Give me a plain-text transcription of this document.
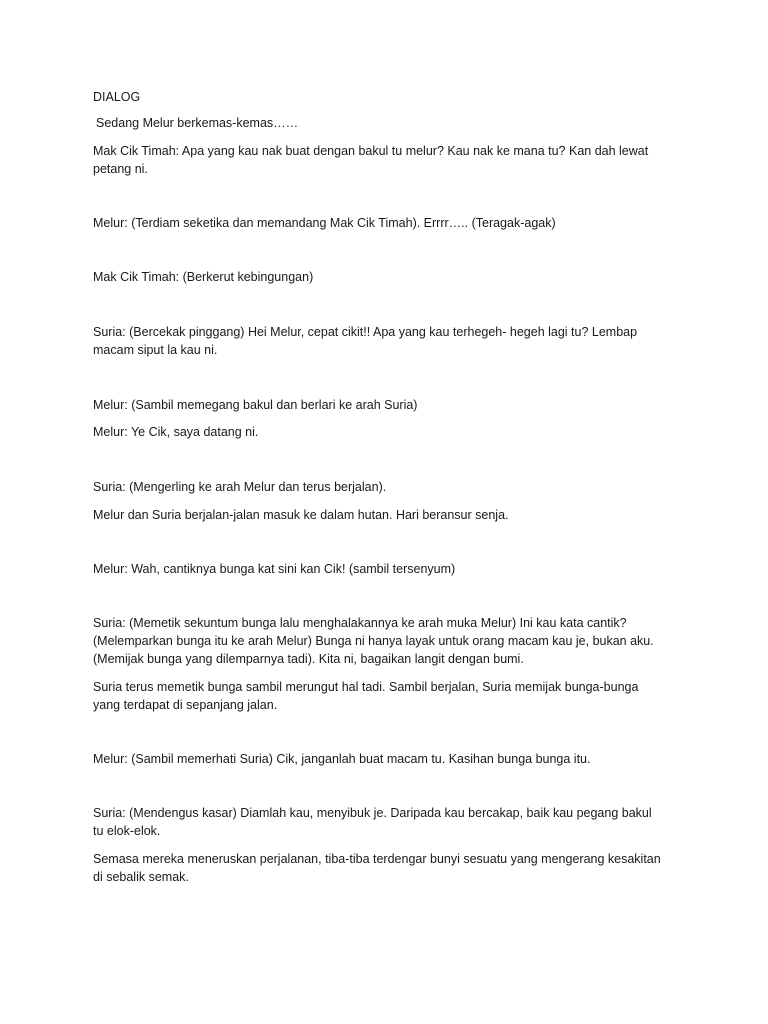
DIALOG

Sedang Melur berkemas-kemas……

Mak Cik Timah: Apa yang kau nak buat dengan bakul tu melur? Kau nak ke mana tu? Kan dah lewat petang ni.

Melur: (Terdiam seketika dan memandang Mak Cik Timah). Errrr….. (Teragak-agak)

Mak Cik Timah: (Berkerut kebingungan)

Suria: (Bercekak pinggang) Hei Melur, cepat cikit!! Apa yang kau terhegeh- hegeh lagi tu? Lembap macam siput la kau ni.

Melur: (Sambil memegang bakul dan berlari ke arah Suria)

Melur: Ye Cik, saya datang ni.

Suria: (Mengerling ke arah Melur dan terus berjalan).

Melur dan Suria berjalan-jalan masuk ke dalam hutan. Hari beransur senja.

Melur: Wah, cantiknya bunga kat sini kan Cik! (sambil tersenyum)

Suria: (Memetik sekuntum bunga lalu menghalakannya ke arah muka Melur) Ini kau kata cantik? (Melemparkan bunga itu ke arah Melur) Bunga ni hanya layak untuk orang macam kau je, bukan aku. (Memijak bunga yang dilemparnya tadi). Kita ni, bagaikan langit dengan bumi.

Suria terus memetik bunga sambil merungut hal tadi. Sambil berjalan, Suria memijak bunga-bunga yang terdapat di sepanjang jalan.

Melur: (Sambil memerhati Suria) Cik, janganlah buat macam tu. Kasihan bunga bunga itu.

Suria: (Mendengus kasar) Diamlah kau, menyibuk je. Daripada kau bercakap, baik kau pegang bakul tu elok-elok.

Semasa mereka meneruskan perjalanan, tiba-tiba terdengar bunyi sesuatu yang mengerang kesakitan di sebalik semak.
